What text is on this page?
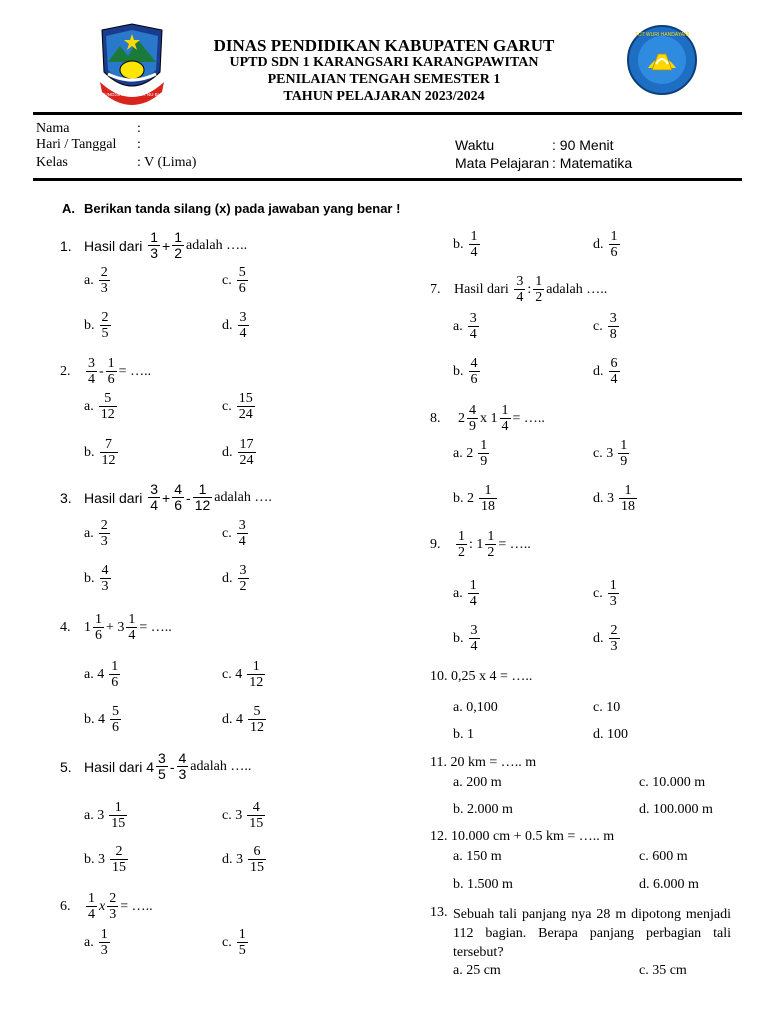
TEPI SEUNGGIRA GUNTUR NU BUGENAR
DINAS PENDIDIKAN KABUPATEN GARUT
UPTD SDN 1 KARANGSARI KARANGPAWITAN
PENILAIAN TENGAH SEMESTER 1
TAHUN PELAJARAN 2023/2024
TUT WURI HANDAYANI
Nama	:
Hari / Tanggal :
Kelas	: V (Lima)
Waktu	: 90 Menit
Mata Pelajaran : Matematika
A. Berikan tanda silang (x) pada jawaban yang benar !
1. Hasil dari
$\frac{1}{3} + \frac{1}{2}$ adalah …..
a. $\frac{2}{3}$	c. $\frac{5}{6}$
b. $\frac{2}{5}$	d. $\frac{3}{4}$
2.	$\frac{3}{4} - \frac{1}{6}$ = …..
a. $\frac{5}{12}$	c. $\frac{15}{24}$
b. $\frac{7}{12}$	d. $\frac{17}{24}$
3. Hasil dari
$\frac{3}{4} + \frac{4}{6} - \frac{1}{12}$ adalah ….
a. $\frac{2}{3}$	c. $\frac{3}{4}$
b. $\frac{4}{3}$	d. $\frac{3}{2}$
4. $1 \frac{1}{6} + 3 \frac{1}{4}$ = …..
a. $4 \frac{1}{6}$	c. $4 \frac{1}{12}$
b. $4 \frac{5}{6}$	d. $4 \frac{5}{12}$
5. Hasil dari $4 \frac{3}{5} - \frac{4}{3}$ adalah …..
a. $3 \frac{1}{15}$	c. $3 \frac{4}{15}$
b. $3 \frac{2}{15}$	d. $3 \frac{6}{15}$
6.	$\frac{1}{4}$ x $\frac{2}{3}$ = …..
a. $\frac{1}{3}$	c. $\frac{1}{5}$
b. $\frac{1}{4}$	d. $\frac{1}{6}$
7. Hasil dari
$\frac{3}{4}$ : $\frac{1}{2}$ adalah …..
a. $\frac{3}{4}$	c. $\frac{3}{8}$
b. $\frac{4}{6}$	d. $\frac{6}{4}$
8.	$2 \frac{4}{9}$ x $1 \frac{1}{4}$ = …..
a. $2 \frac{1}{9}$	c. $3 \frac{1}{9}$
b. $2 \frac{1}{18}$	d. $3 \frac{1}{18}$
9.	$\frac{1}{2}$ : $1 \frac{1}{2}$ = …..
a. $\frac{1}{4}$	c. $\frac{1}{3}$
b. $\frac{3}{4}$	d. $\frac{2}{3}$
10. 0,25 x 4 = …..
a. 0,100	c. 10
b. 1	d. 100
11. 20 km = ….. m
a. 200 m	c. 10.000 m
b. 2.000 m	d. 100.000 m
12. 10.000 cm + 0.5 km = ….. m
a. 150 m	c. 600 m
b. 1.500 m	d. 6.000 m
13. Sebuah tali panjang nya 28 m dipotong menjadi 112 bagian. Berapa panjang perbagian tali tersebut?
a. 25 cm	c. 35 cm
